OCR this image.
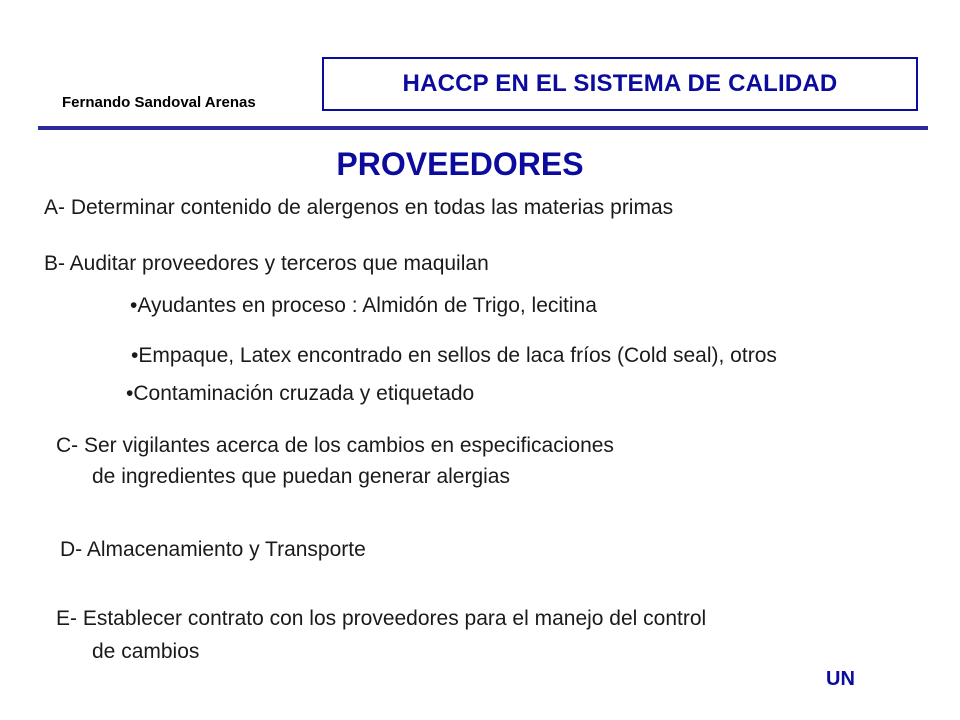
Fernando Sandoval Arenas
HACCP EN EL SISTEMA DE CALIDAD
PROVEEDORES
A- Determinar contenido de alergenos en todas las materias primas
B- Auditar proveedores y terceros que maquilan
•Ayudantes en proceso : Almidón de Trigo, lecitina
•Empaque, Latex encontrado en sellos de laca fríos (Cold seal), otros
•Contaminación cruzada y etiquetado
C- Ser vigilantes acerca de los cambios en especificaciones
de ingredientes que puedan generar alergias
D- Almacenamiento y Transporte
E- Establecer contrato con los proveedores para el manejo del control
de cambios
UN
